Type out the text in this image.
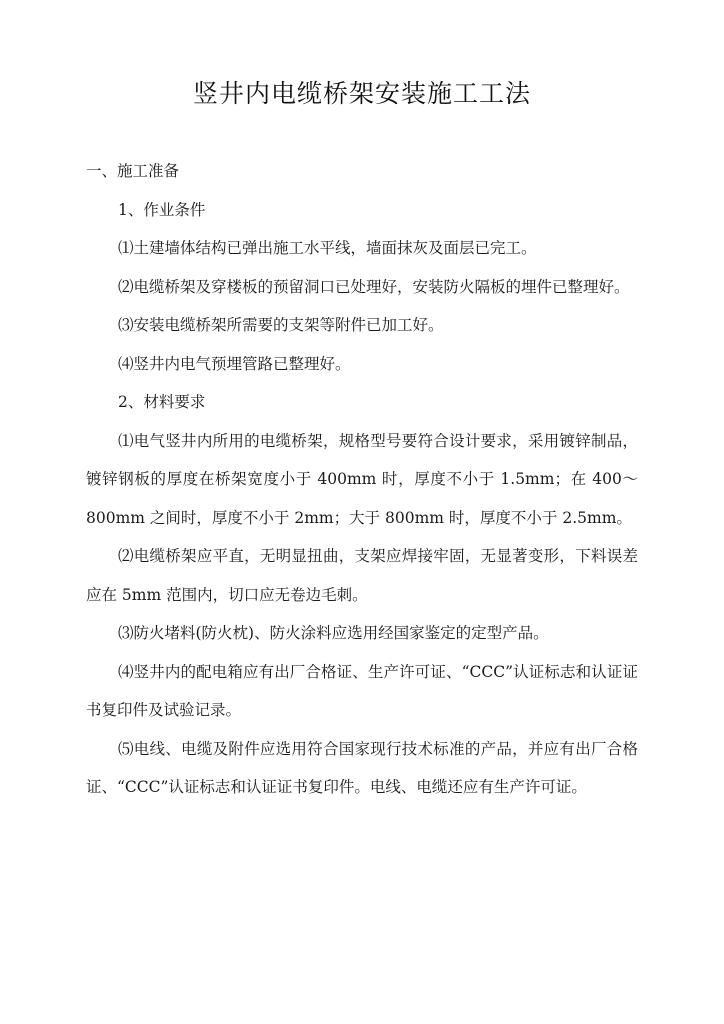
竖井内电缆桥架安装施工工法

一、施工准备

1、作业条件

⑴土建墙体结构已弹出施工水平线，墙面抹灰及面层已完工。

⑵电缆桥架及穿楼板的预留洞口已处理好，安装防火隔板的埋件已整理好。

⑶安装电缆桥架所需要的支架等附件已加工好。

⑷竖井内电气预埋管路已整理好。

2、材料要求

⑴电气竖井内所用的电缆桥架，规格型号要符合设计要求，采用镀锌制品，镀锌钢板的厚度在桥架宽度小于 400mm 时，厚度不小于 1.5mm；在 400～800mm 之间时，厚度不小于 2mm；大于 800mm 时，厚度不小于 2.5mm。

⑵电缆桥架应平直，无明显扭曲，支架应焊接牢固，无显著变形，下料误差应在 5mm 范围内，切口应无卷边毛刺。

⑶防火堵料(防火枕)、防火涂料应选用经国家鉴定的定型产品。

⑷竖井内的配电箱应有出厂合格证、生产许可证、“CCC”认证标志和认证证书复印件及试验记录。

⑸电线、电缆及附件应选用符合国家现行技术标准的产品，并应有出厂合格证、“CCC”认证标志和认证证书复印件。电线、电缆还应有生产许可证。
